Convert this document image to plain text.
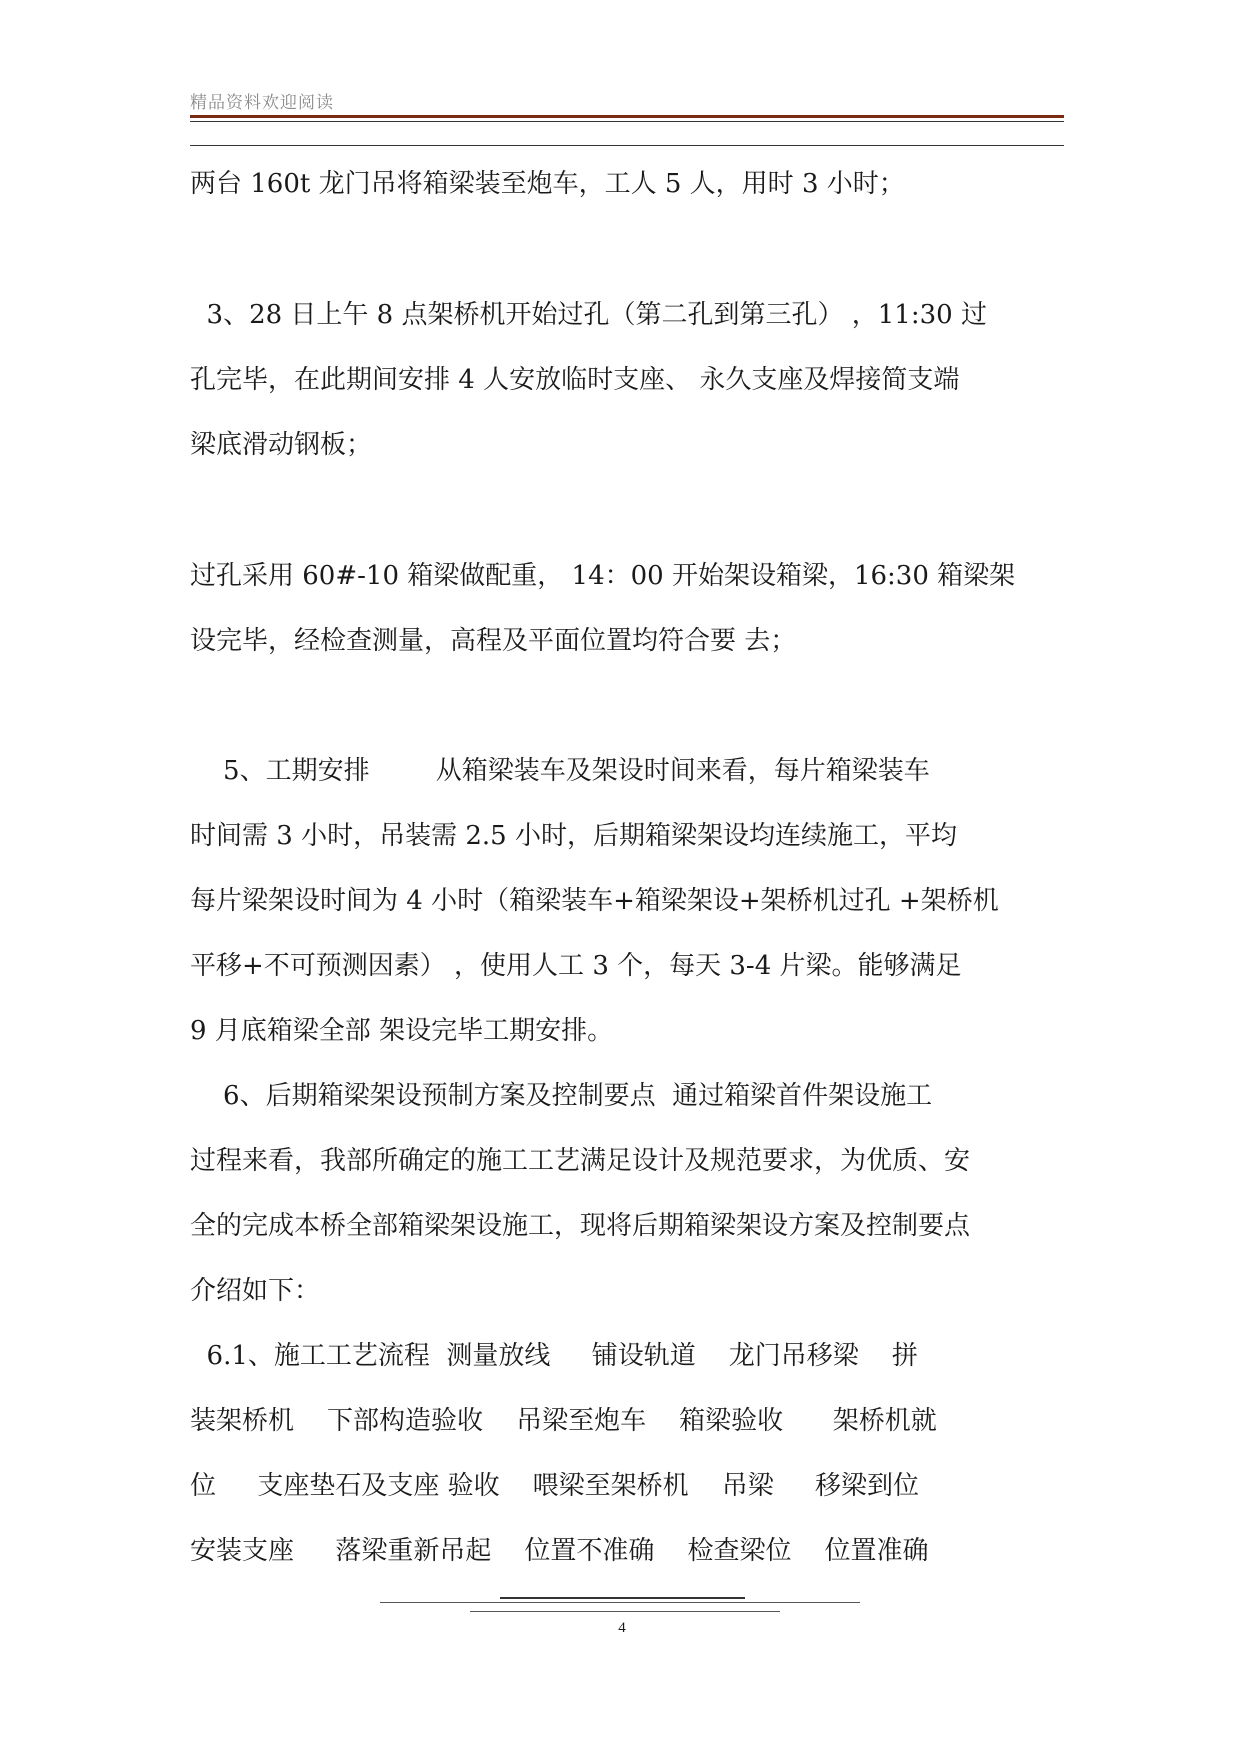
精品资料欢迎阅读
两台 160t 龙门吊将箱梁装至炮车，工人 5 人，用时 3 小时；
3、28 日上午 8 点架桥机开始过孔（第二孔到第三孔） ，11:30 过
孔完毕，在此期间安排 4 人安放临时支座、 永久支座及焊接简支端
梁底滑动钢板；
过孔采用 60#-10 箱梁做配重， 14：00 开始架设箱梁，16:30 箱梁架
设完毕，经检查测量，高程及平面位置均符合要 去；
5、工期安排        从箱梁装车及架设时间来看，每片箱梁装车
时间需 3 小时，吊装需 2.5 小时，后期箱梁架设均连续施工，平均
每片梁架设时间为 4 小时（箱梁装车+箱梁架设+架桥机过孔 +架桥机
平移+不可预测因素） ，使用人工 3 个，每天 3-4 片梁。能够满足
9 月底箱梁全部 架设完毕工期安排。
6、后期箱梁架设预制方案及控制要点  通过箱梁首件架设施工
过程来看，我部所确定的施工工艺满足设计及规范要求，为优质、安
全的完成本桥全部箱梁架设施工，现将后期箱梁架设方案及控制要点
介绍如下：
6.1、施工工艺流程  测量放线     铺设轨道    龙门吊移梁    拼
装架桥机    下部构造验收    吊梁至炮车    箱梁验收      架桥机就
位     支座垫石及支座 验收    喂梁至架桥机    吊梁     移梁到位
安装支座     落梁重新吊起    位置不准确    检查梁位    位置准确
4
